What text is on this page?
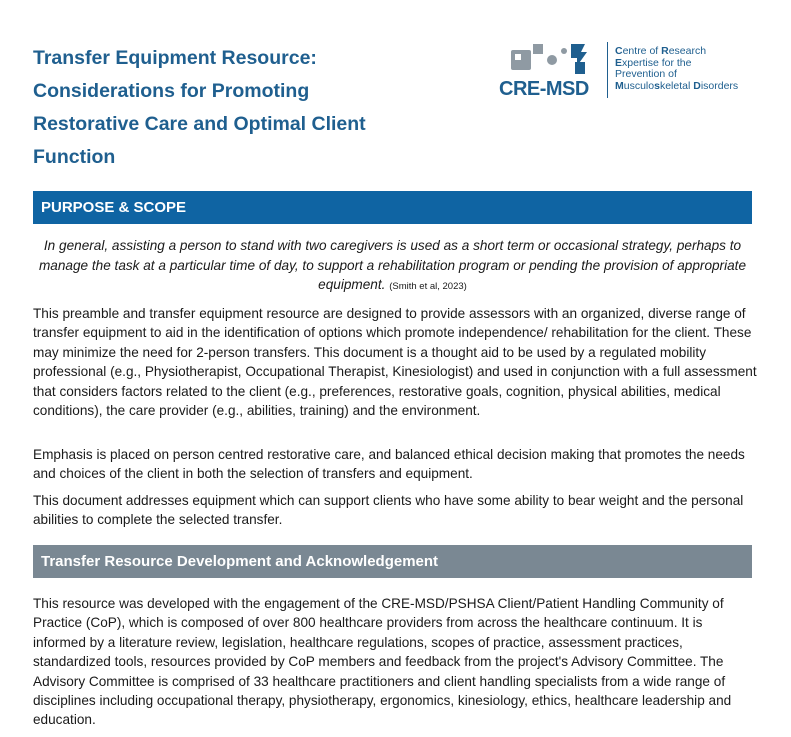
Transfer Equipment Resource:
Considerations for Promoting
Restorative Care and Optimal Client
Function
CRE-MSD
Centre of Research
Expertise for the
Prevention of
Musculoskeletal Disorders
PURPOSE & SCOPE

In general, assisting a person to stand with two caregivers is used as a short term or occasional strategy, perhaps to manage the task at a particular time of day, to support a rehabilitation program or pending the provision of appropriate equipment. (Smith et al, 2023)

This preamble and transfer equipment resource are designed to provide assessors with an organized, diverse range of transfer equipment to aid in the identification of options which promote independence/ rehabilitation for the client. These may minimize the need for 2-person transfers. This document is a thought aid to be used by a regulated mobility professional (e.g., Physiotherapist, Occupational Therapist, Kinesiologist) and used in conjunction with a full assessment that considers factors related to the client (e.g., preferences, restorative goals, cognition, physical abilities, medical conditions), the care provider (e.g., abilities, training) and the environment.

Emphasis is placed on person centred restorative care, and balanced ethical decision making that promotes the needs and choices of the client in both the selection of transfers and equipment.

This document addresses equipment which can support clients who have some ability to bear weight and the personal abilities to complete the selected transfer.

Transfer Resource Development and Acknowledgement

This resource was developed with the engagement of the CRE-MSD/PSHSA Client/Patient Handling Community of Practice (CoP), which is composed of over 800 healthcare providers from across the healthcare continuum. It is informed by a literature review, legislation, healthcare regulations, scopes of practice, assessment practices, standardized tools, resources provided by CoP members and feedback from the project's Advisory Committee. The Advisory Committee is comprised of 33 healthcare practitioners and client handling specialists from a wide range of disciplines including occupational therapy, physiotherapy, ergonomics, kinesiology, ethics, healthcare leadership and education.
